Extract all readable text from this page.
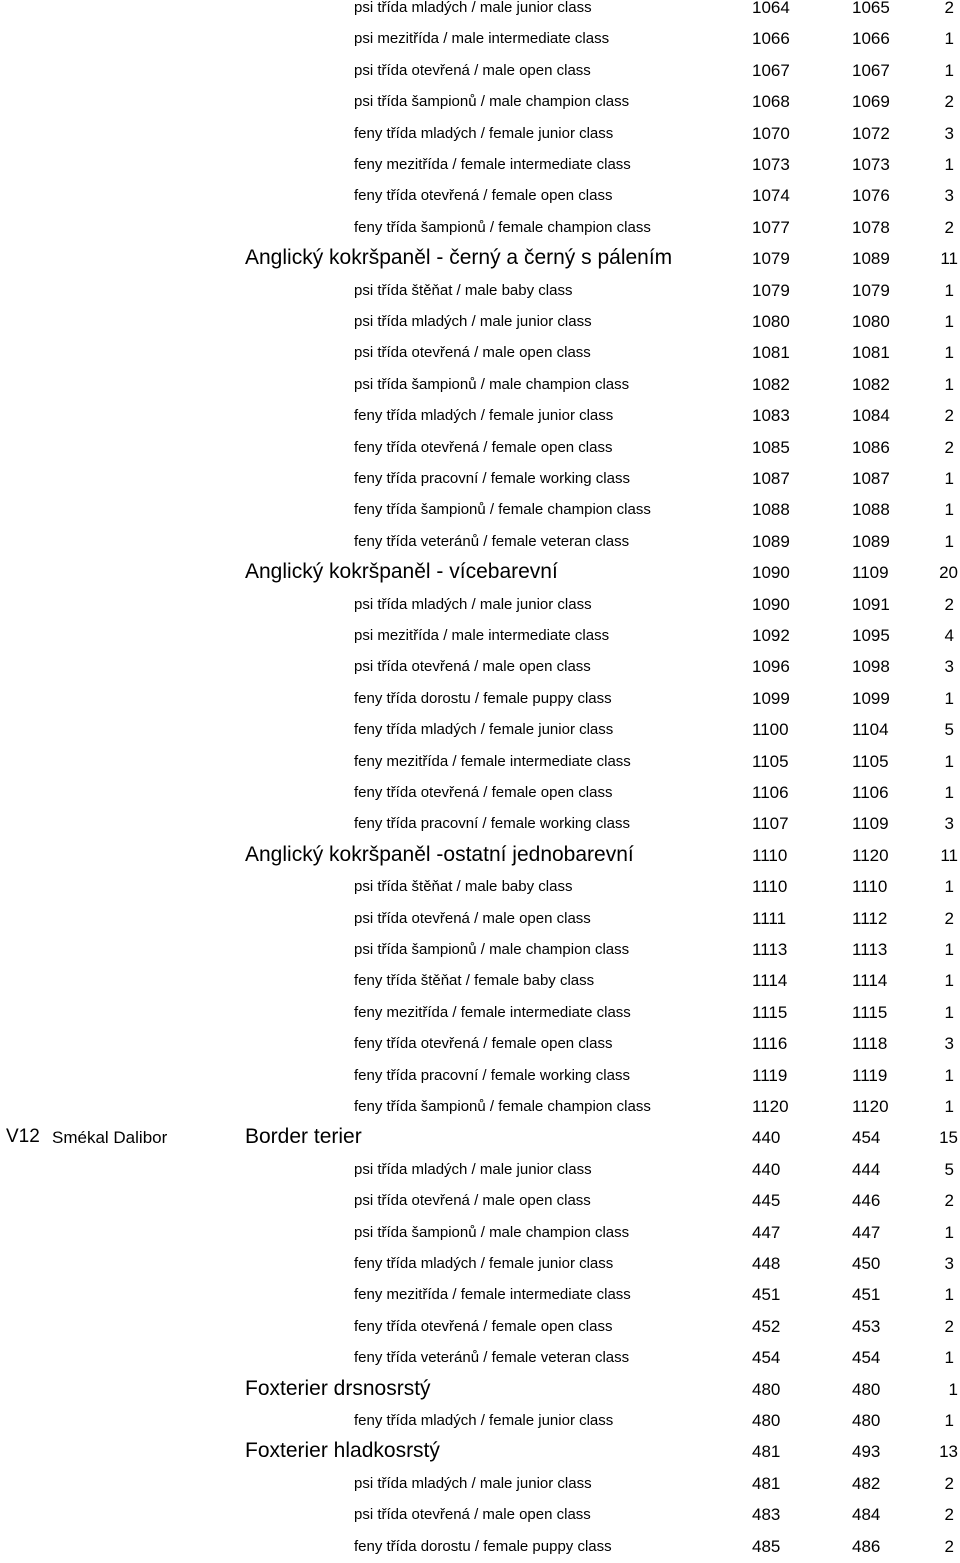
psi třída mladých / male junior class	1064	1065	2
psi mezitřída / male intermediate class	1066	1066	1
psi třída otevřená / male open class	1067	1067	1
psi třída šampionů / male champion class	1068	1069	2
feny třída mladých / female junior class	1070	1072	3
feny mezitřída / female intermediate class	1073	1073	1
feny třída otevřená / female open class	1074	1076	3
feny třída šampionů / female champion class	1077	1078	2
Anglický kokršpaněl - černý a černý s pálením	1079	1089	11
psi třída štěňat / male baby class	1079	1079	1
psi třída mladých / male junior class	1080	1080	1
psi třída otevřená / male open class	1081	1081	1
psi třída šampionů / male champion class	1082	1082	1
feny třída mladých / female junior class	1083	1084	2
feny třída otevřená / female open class	1085	1086	2
feny třída pracovní / female working class	1087	1087	1
feny třída šampionů / female champion class	1088	1088	1
feny třída veteránů / female veteran class	1089	1089	1
Anglický kokršpaněl - vícebarevní	1090	1109	20
psi třída mladých / male junior class	1090	1091	2
psi mezitřída / male intermediate class	1092	1095	4
psi třída otevřená / male open class	1096	1098	3
feny třída dorostu / female puppy class	1099	1099	1
feny třída mladých / female junior class	1100	1104	5
feny mezitřída / female intermediate class	1105	1105	1
feny třída otevřená / female open class	1106	1106	1
feny třída pracovní / female working class	1107	1109	3
Anglický kokršpaněl -ostatní jednobarevní	1110	1120	11
psi třída štěňat / male baby class	1110	1110	1
psi třída otevřená / male open class	1111	1112	2
psi třída šampionů / male champion class	1113	1113	1
feny třída štěňat / female baby class	1114	1114	1
feny mezitřída / female intermediate class	1115	1115	1
feny třída otevřená / female open class	1116	1118	3
feny třída pracovní / female working class	1119	1119	1
feny třída šampionů / female champion class	1120	1120	1
V12 Smékal Dalibor	Border terier	440	454	15
psi třída mladých / male junior class	440	444	5
psi třída otevřená / male open class	445	446	2
psi třída šampionů / male champion class	447	447	1
feny třída mladých / female junior class	448	450	3
feny mezitřída / female intermediate class	451	451	1
feny třída otevřená / female open class	452	453	2
feny třída veteránů / female veteran class	454	454	1
Foxterier drsnosrstý	480	480	1
feny třída mladých / female junior class	480	480	1
Foxterier hladkosrstý	481	493	13
psi třída mladých / male junior class	481	482	2
psi třída otevřená / male open class	483	484	2
feny třída dorostu / female puppy class	485	486	2
